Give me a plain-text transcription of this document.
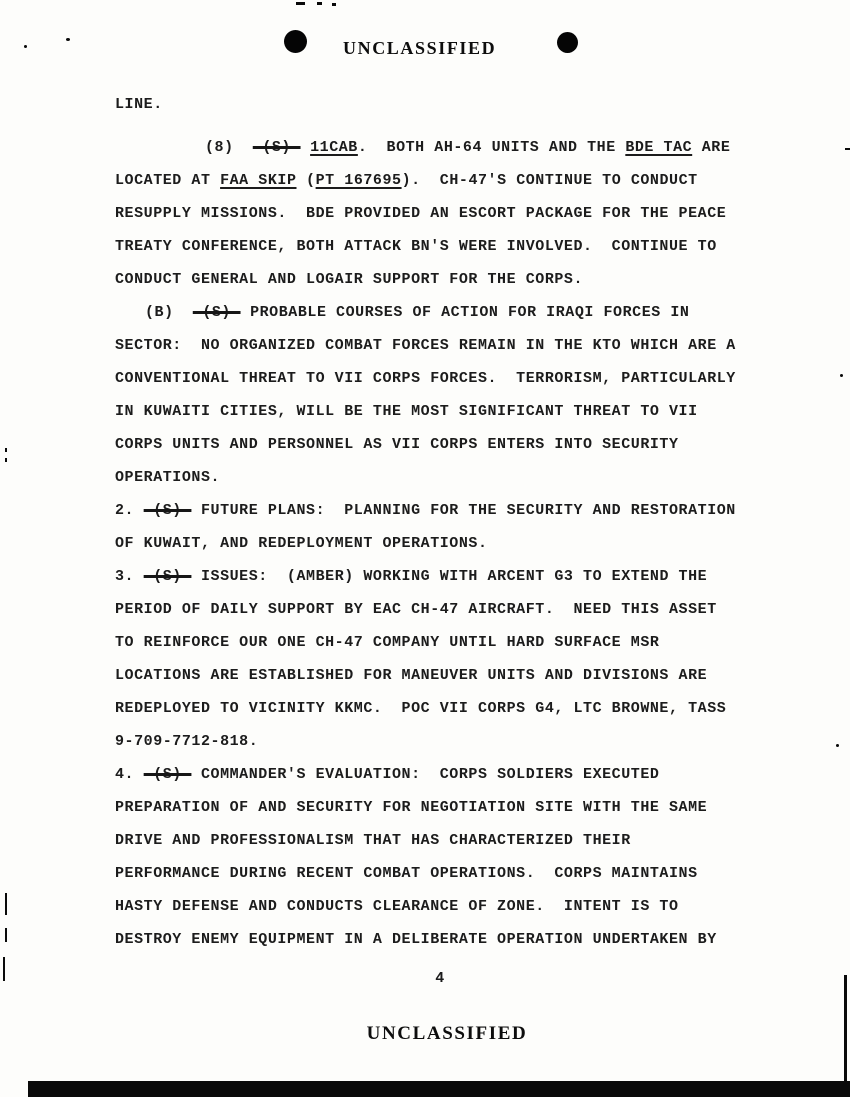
UNCLASSIFIED
LINE.
(8)  -(S)- 11CAB.  BOTH AH-64 UNITS AND THE BDE TAC ARE
LOCATED AT FAA SKIP (PT 167695).  CH-47'S CONTINUE TO CONDUCT
RESUPPLY MISSIONS.  BDE PROVIDED AN ESCORT PACKAGE FOR THE PEACE
TREATY CONFERENCE, BOTH ATTACK BN'S WERE INVOLVED.  CONTINUE TO
CONDUCT GENERAL AND LOGAIR SUPPORT FOR THE CORPS.
(B)  -(S)- PROBABLE COURSES OF ACTION FOR IRAQI FORCES IN
SECTOR:  NO ORGANIZED COMBAT FORCES REMAIN IN THE KTO WHICH ARE A
CONVENTIONAL THREAT TO VII CORPS FORCES.  TERRORISM, PARTICULARLY
IN KUWAITI CITIES, WILL BE THE MOST SIGNIFICANT THREAT TO VII
CORPS UNITS AND PERSONNEL AS VII CORPS ENTERS INTO SECURITY
OPERATIONS.
2. -(S)- FUTURE PLANS:  PLANNING FOR THE SECURITY AND RESTORATION
OF KUWAIT, AND REDEPLOYMENT OPERATIONS.
3. -(S)- ISSUES:  (AMBER) WORKING WITH ARCENT G3 TO EXTEND THE
PERIOD OF DAILY SUPPORT BY EAC CH-47 AIRCRAFT.  NEED THIS ASSET
TO REINFORCE OUR ONE CH-47 COMPANY UNTIL HARD SURFACE MSR
LOCATIONS ARE ESTABLISHED FOR MANEUVER UNITS AND DIVISIONS ARE
REDEPLOYED TO VICINITY KKMC.  POC VII CORPS G4, LTC BROWNE, TASS
9-709-7712-818.
4. -(S)- COMMANDER'S EVALUATION:  CORPS SOLDIERS EXECUTED
PREPARATION OF AND SECURITY FOR NEGOTIATION SITE WITH THE SAME
DRIVE AND PROFESSIONALISM THAT HAS CHARACTERIZED THEIR
PERFORMANCE DURING RECENT COMBAT OPERATIONS.  CORPS MAINTAINS
HASTY DEFENSE AND CONDUCTS CLEARANCE OF ZONE.  INTENT IS TO
DESTROY ENEMY EQUIPMENT IN A DELIBERATE OPERATION UNDERTAKEN BY
4
UNCLASSIFIED
